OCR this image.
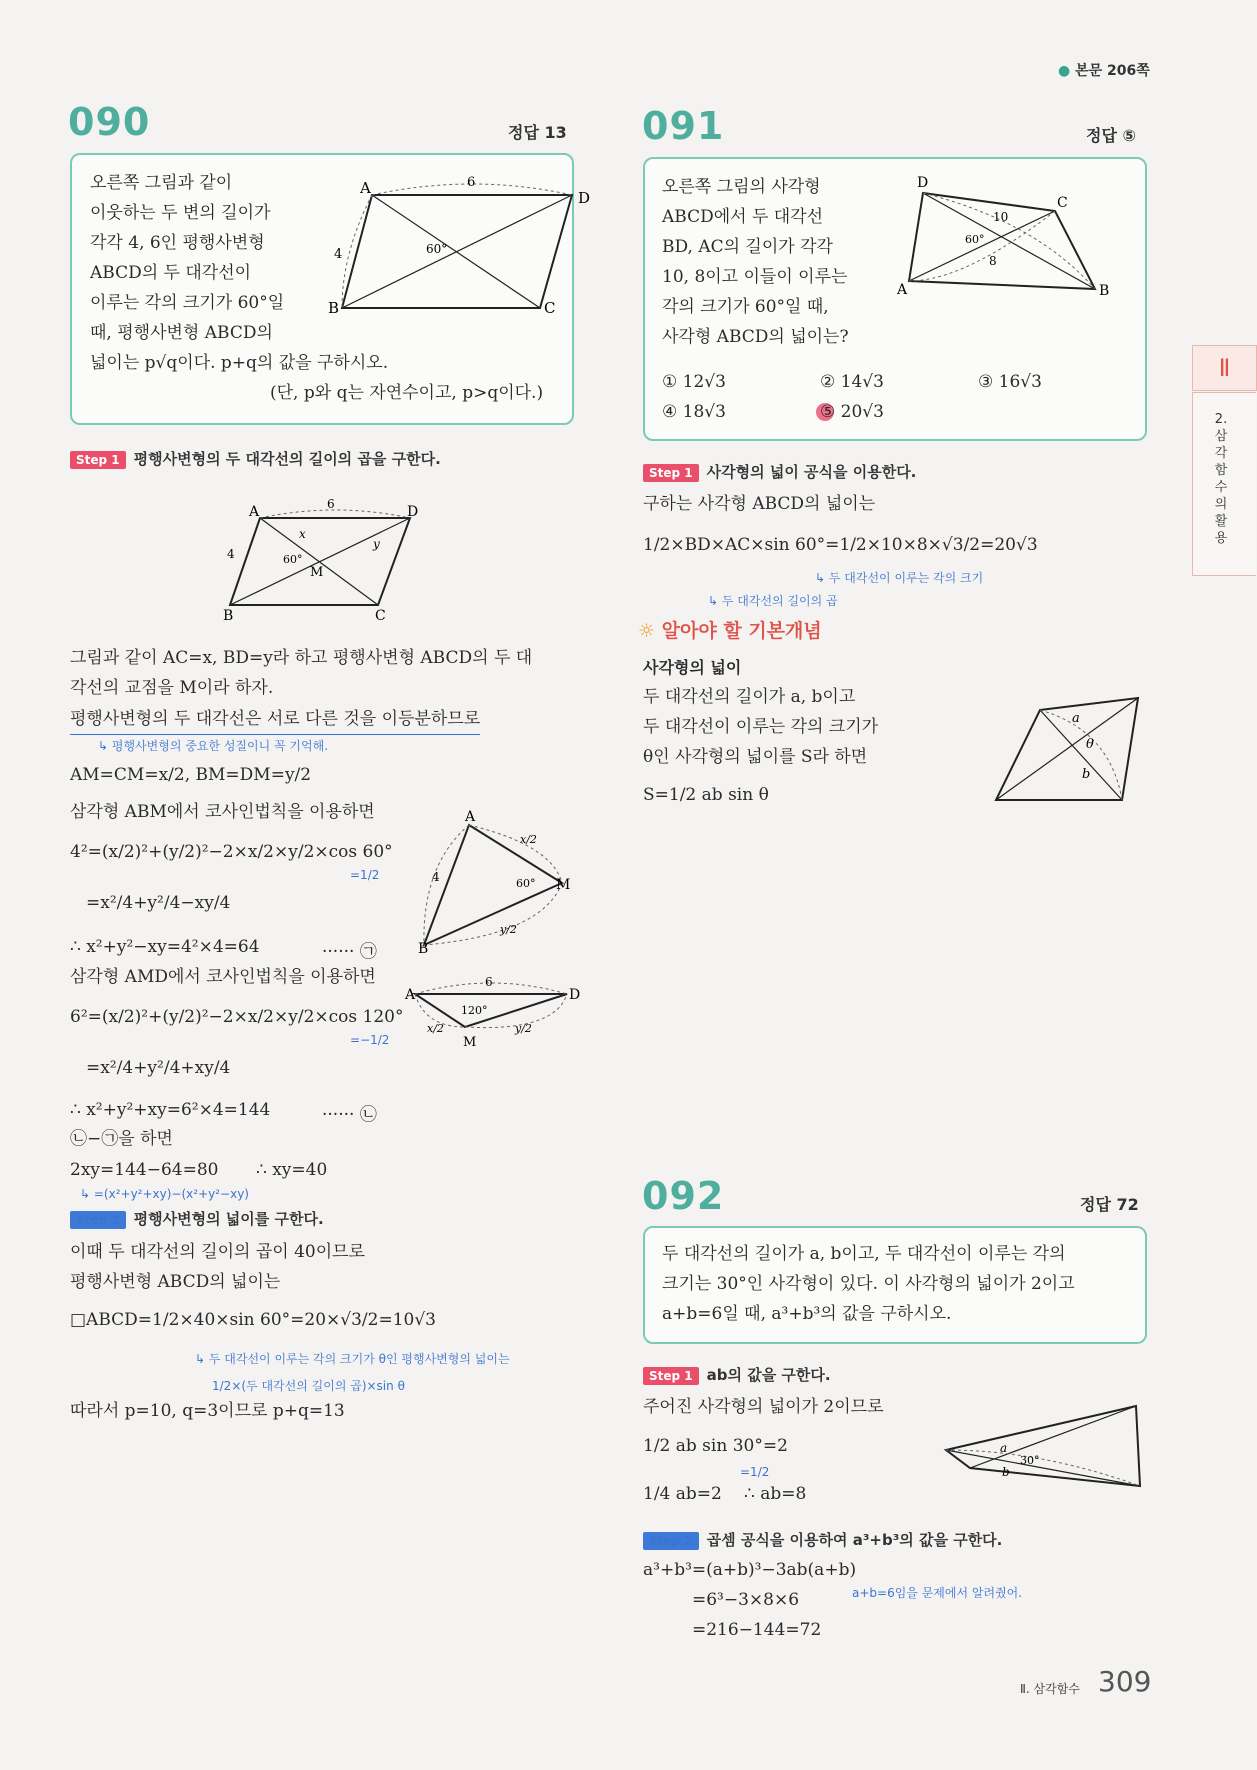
● 본문 206쪽
Ⅱ
2.
삼
각
함
수
의
활
용
090	정답 13
오른쪽 그림과 같이
이웃하는 두 변의 길이가
각각 4, 6인 평행사변형
ABCD의 두 대각선이
이루는 각의 크기가 60°일
때, 평행사변형 ABCD의
넓이는 p√q이다. p+q의 값을 구하시오.
(단, p와 q는 자연수이고, p>q이다.)
A
D
B	C
6
4	60°
Step 1 평행사변형의 두 대각선의 길이의 곱을 구한다.
A	D
B	C
6
4	60°
M
x
y
그림과 같이 AC=x, BD=y라 하고 평행사변형 ABCD의 두 대
각선의 교점을 M이라 하자.
평행사변형의 두 대각선은 서로 다른 것을 이등분하므로
↳ 평행사변형의 중요한 성질이니 꼭 기억해.
AM=CM=x/2, BM=DM=y/2
삼각형 ABM에서 코사인법칙을 이용하면
4²=(x/2)²+(y/2)²−2×x/2×y/2×cos 60°
=1/2
=x²/4+y²/4−xy/4
∴ x²+y²−xy=4²×4=64	······ ㉠
삼각형 AMD에서 코사인법칙을 이용하면
6²=(x/2)²+(y/2)²−2×x/2×y/2×cos 120°
=−1/2
=x²/4+y²/4+xy/4
∴ x²+y²+xy=6²×4=144	······ ㉡
㉡−㉠을 하면
2xy=144−64=80 ∴ xy=40
↳ =(x²+y²+xy)−(x²+y²−xy)
A
B
M
4
x/2
y/2
60°
A	D
M
6
x/2	y/2
120°
Step 2 평행사변형의 넓이를 구한다.
이때 두 대각선의 길이의 곱이 40이므로
평행사변형 ABCD의 넓이는
□ABCD=1/2×40×sin 60°=20×√3/2=10√3
↳ 두 대각선이 이루는 각의 크기가 θ인 평행사변형의 넓이는
1/2×(두 대각선의 길이의 곱)×sin θ
따라서 p=10, q=3이므로 p+q=13
091	정답 ⑤
오른쪽 그림의 사각형
ABCD에서 두 대각선
BD, AC의 길이가 각각
10, 8이고 이들이 이루는
각의 크기가 60°일 때,
사각형 ABCD의 넓이는?
① 12√3	② 14√3	③ 16√3
④ 18√3	⑤ 20√3
D
C
A	B
10
8
60°
Step 1 사각형의 넓이 공식을 이용한다.
구하는 사각형 ABCD의 넓이는
1/2×BD×AC×sin 60°=1/2×10×8×√3/2=20√3
↳ 두 대각선이 이루는 각의 크기
↳ 두 대각선의 길이의 곱
☼ 알아야 할 기본개념
사각형의 넓이
두 대각선의 길이가 a, b이고
두 대각선이 이루는 각의 크기가
θ인 사각형의 넓이를 S라 하면
S=1/2 ab sin θ
a
b
θ
092	정답 72
두 대각선의 길이가 a, b이고, 두 대각선이 이루는 각의
크기는 30°인 사각형이 있다. 이 사각형의 넓이가 2이고
a+b=6일 때, a³+b³의 값을 구하시오.
Step 1 ab의 값을 구한다.
주어진 사각형의 넓이가 2이므로
1/2 ab sin 30°=2
=1/2
1/4 ab=2 ∴ ab=8
a
b
30°
Step 2 곱셈 공식을 이용하여 a³+b³의 값을 구한다.
a³+b³=(a+b)³−3ab(a+b)
a+b=6임을 문제에서 알려줬어.
=6³−3×8×6
=216−144=72
Ⅱ. 삼각함수 309
